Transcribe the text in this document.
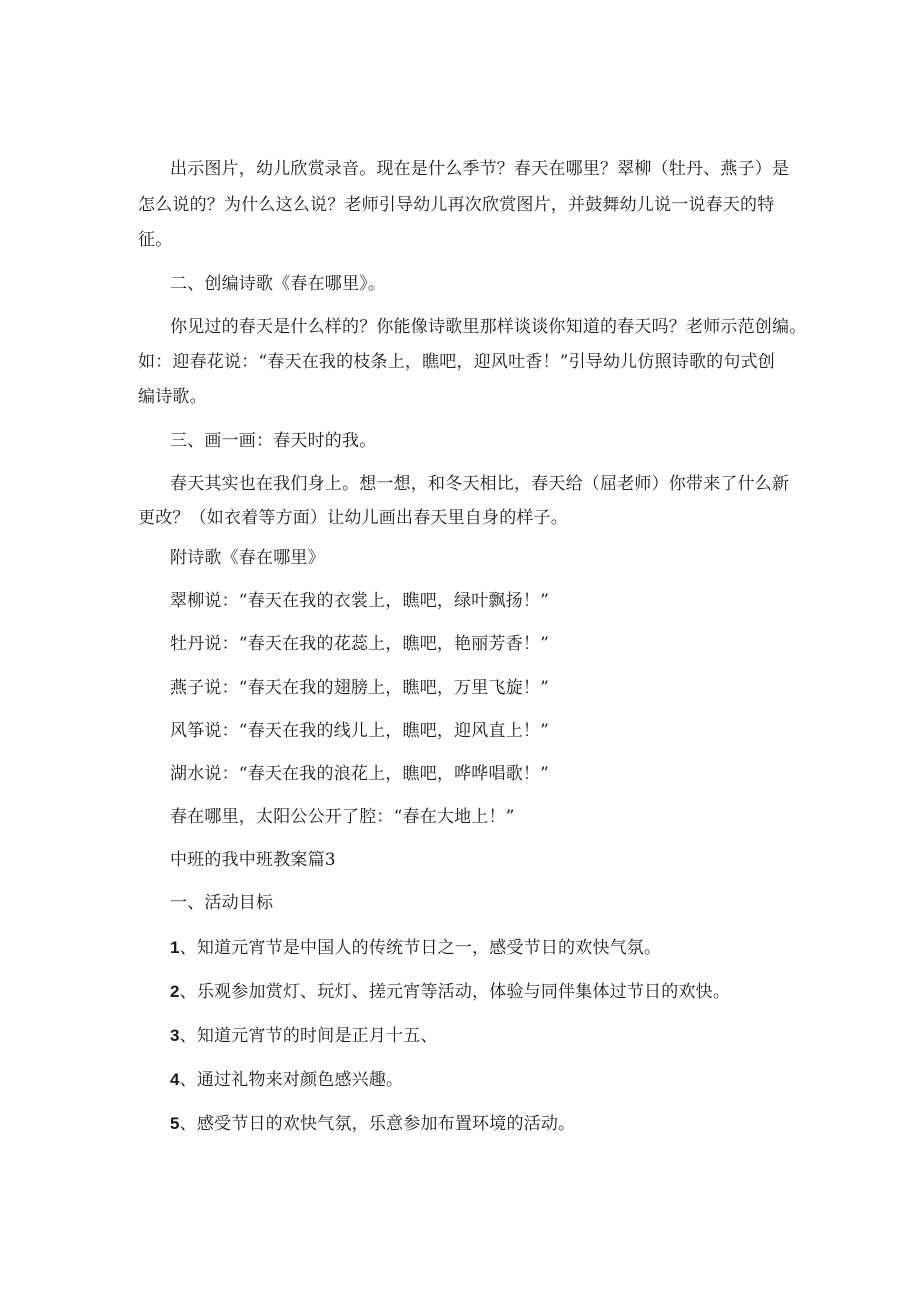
出示图片，幼儿欣赏录音。现在是什么季节？春天在哪里？翠柳（牡丹、燕子）是
怎么说的？为什么这么说？老师引导幼儿再次欣赏图片，并鼓舞幼儿说一说春天的特
征。
二、创编诗歌《春在哪里》。
你见过的春天是什么样的？你能像诗歌里那样谈谈你知道的春天吗？老师示范创编。
如：迎春花说：“春天在我的枝条上，瞧吧，迎风吐香！”引导幼儿仿照诗歌的句式创
编诗歌。
三、画一画：春天时的我。
春天其实也在我们身上。想一想，和冬天相比，春天给（屈老师）你带来了什么新
更改？（如衣着等方面）让幼儿画出春天里自身的样子。
附诗歌《春在哪里》
翠柳说：“春天在我的衣裳上，瞧吧，绿叶飘扬！”
牡丹说：“春天在我的花蕊上，瞧吧，艳丽芳香！”
燕子说：“春天在我的翅膀上，瞧吧，万里飞旋！”
风筝说：“春天在我的线儿上，瞧吧，迎风直上！”
湖水说：“春天在我的浪花上，瞧吧，哗哗唱歌！”
春在哪里，太阳公公开了腔：“春在大地上！”
中班的我中班教案篇3
一、活动目标
1、知道元宵节是中国人的传统节日之一，感受节日的欢快气氛。
2、乐观参加赏灯、玩灯、搓元宵等活动，体验与同伴集体过节日的欢快。
3、知道元宵节的时间是正月十五、
4、通过礼物来对颜色感兴趣。
5、感受节日的欢快气氛，乐意参加布置环境的活动。
